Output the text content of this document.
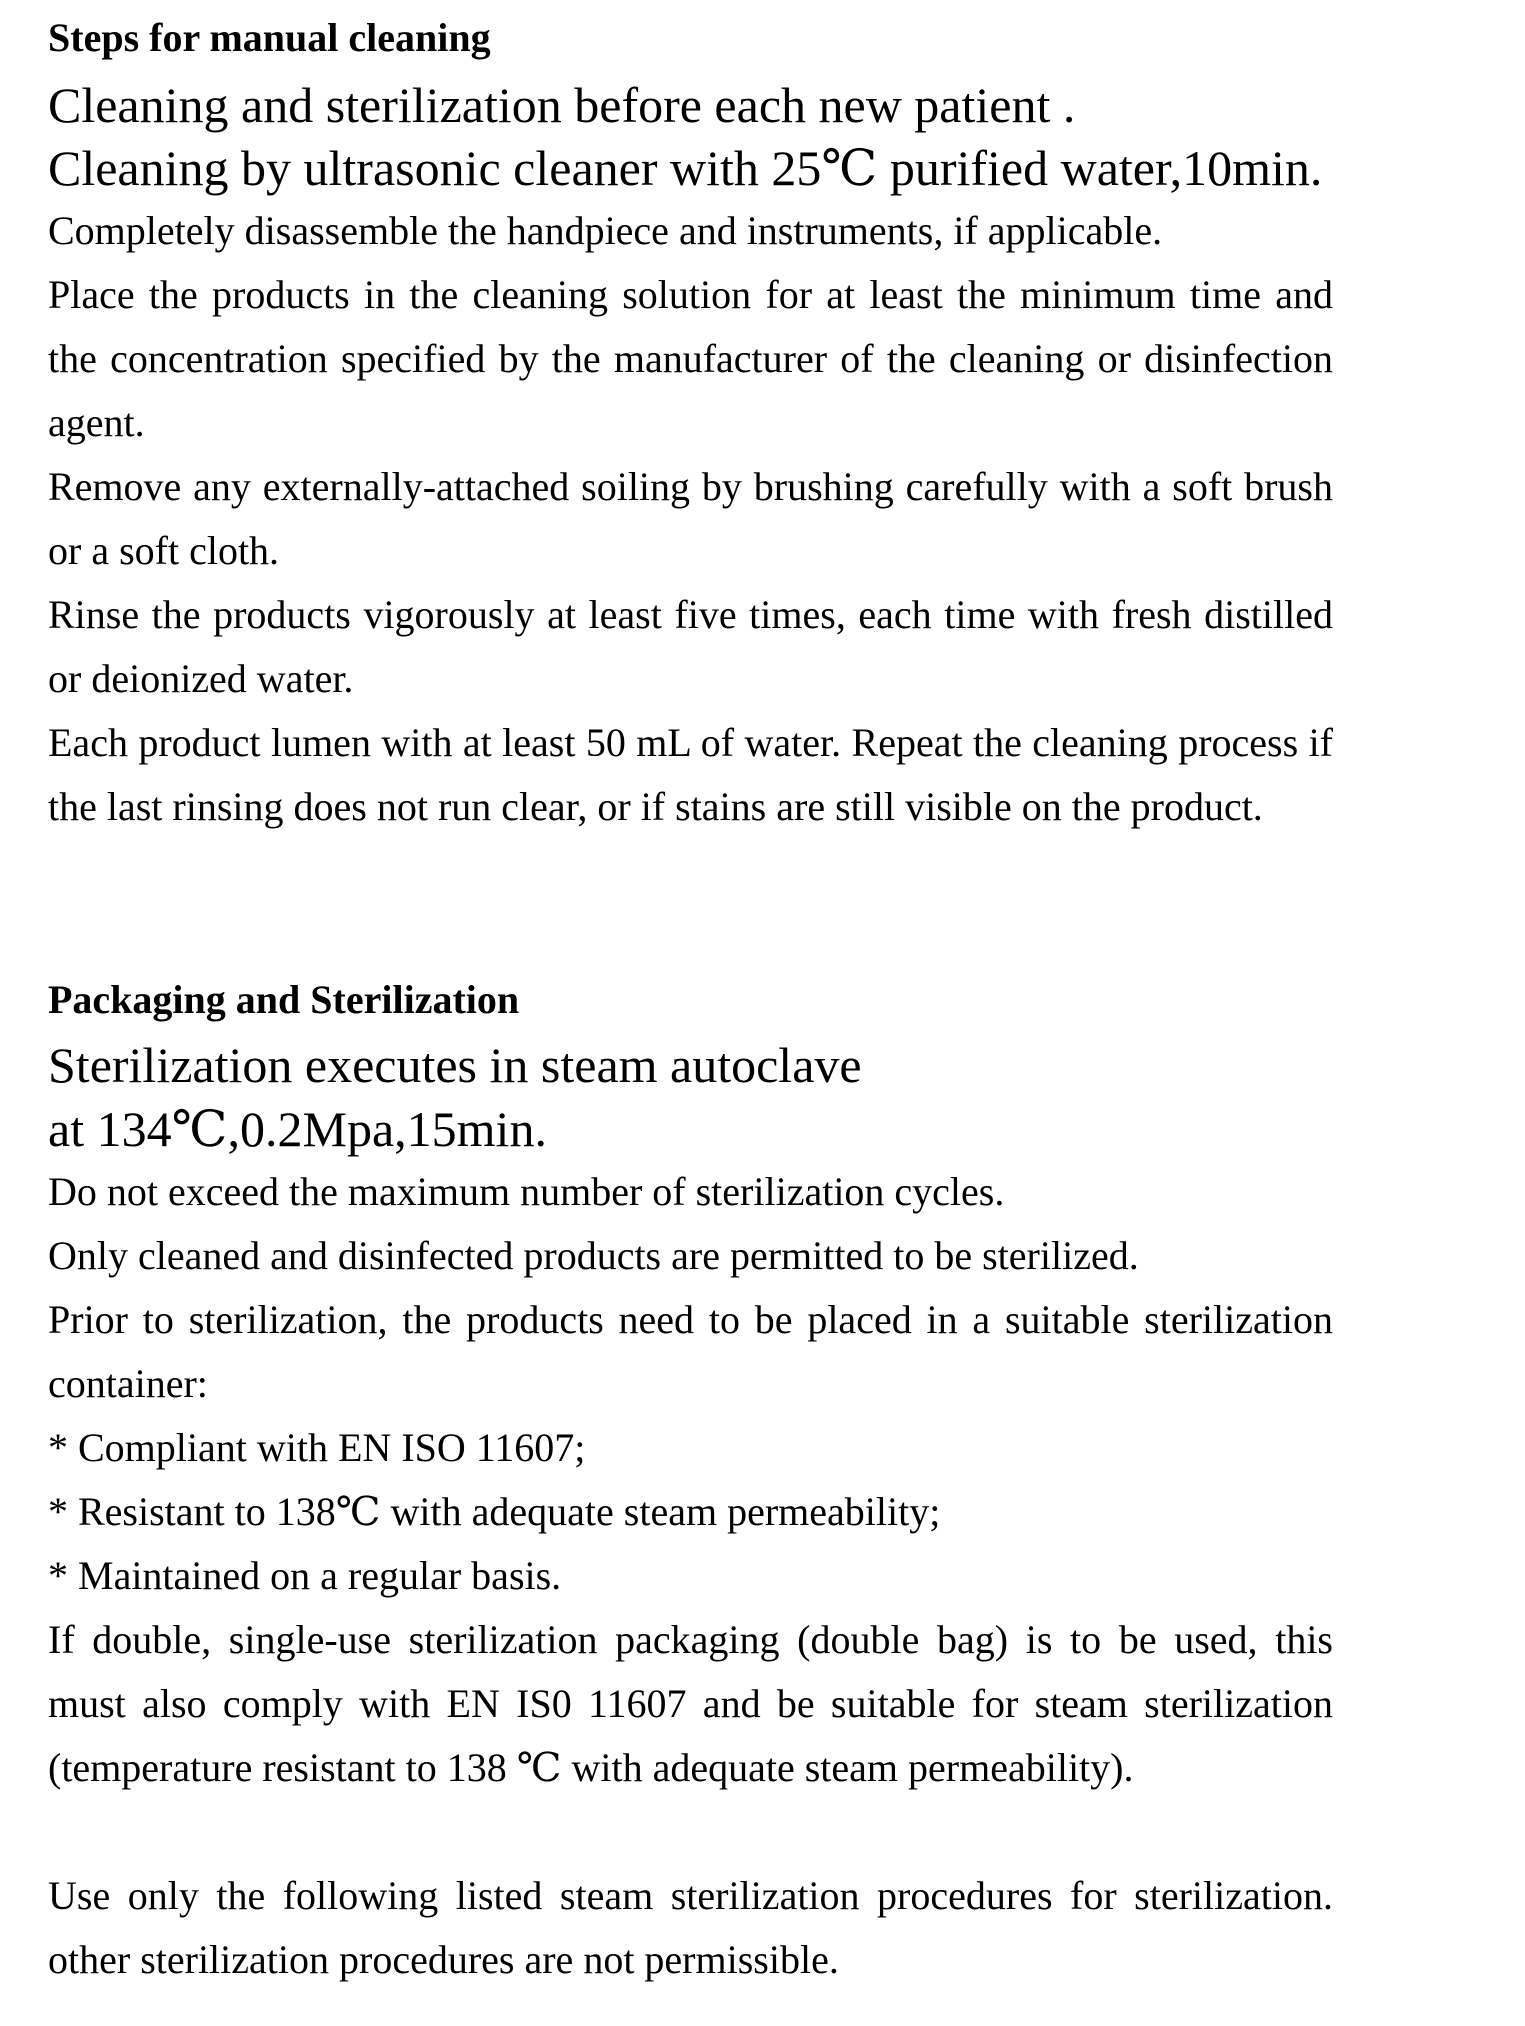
Steps for manual cleaning
Cleaning and sterilization before each new patient .
Cleaning by ultrasonic cleaner with 25℃ purified water,10min.
Completely disassemble the handpiece and instruments, if applicable.
Place the products in the cleaning solution for at least the minimum time and the concentration specified by the manufacturer of the cleaning or disinfection agent.
Remove any externally-attached soiling by brushing carefully with a soft brush or a soft cloth.
Rinse the products vigorously at least five times, each time with fresh distilled or deionized water.
Each product lumen with at least 50 mL of water. Repeat the cleaning process if the last rinsing does not run clear, or if stains are still visible on the product.
Packaging and Sterilization
Sterilization executes in steam autoclave
at 134℃,0.2Mpa,15min.
Do not exceed the maximum number of sterilization cycles.
Only cleaned and disinfected products are permitted to be sterilized.
Prior to sterilization, the products need to be placed in a suitable sterilization container:
* Compliant with EN ISO 11607;
* Resistant to 138℃ with adequate steam permeability;
* Maintained on a regular basis.
If double, single-use sterilization packaging (double bag) is to be used, this must also comply with EN IS0 11607 and be suitable for steam sterilization (temperature resistant to 138 ℃ with adequate steam permeability).
Use only the following listed steam sterilization procedures for sterilization. other sterilization procedures are not permissible.
